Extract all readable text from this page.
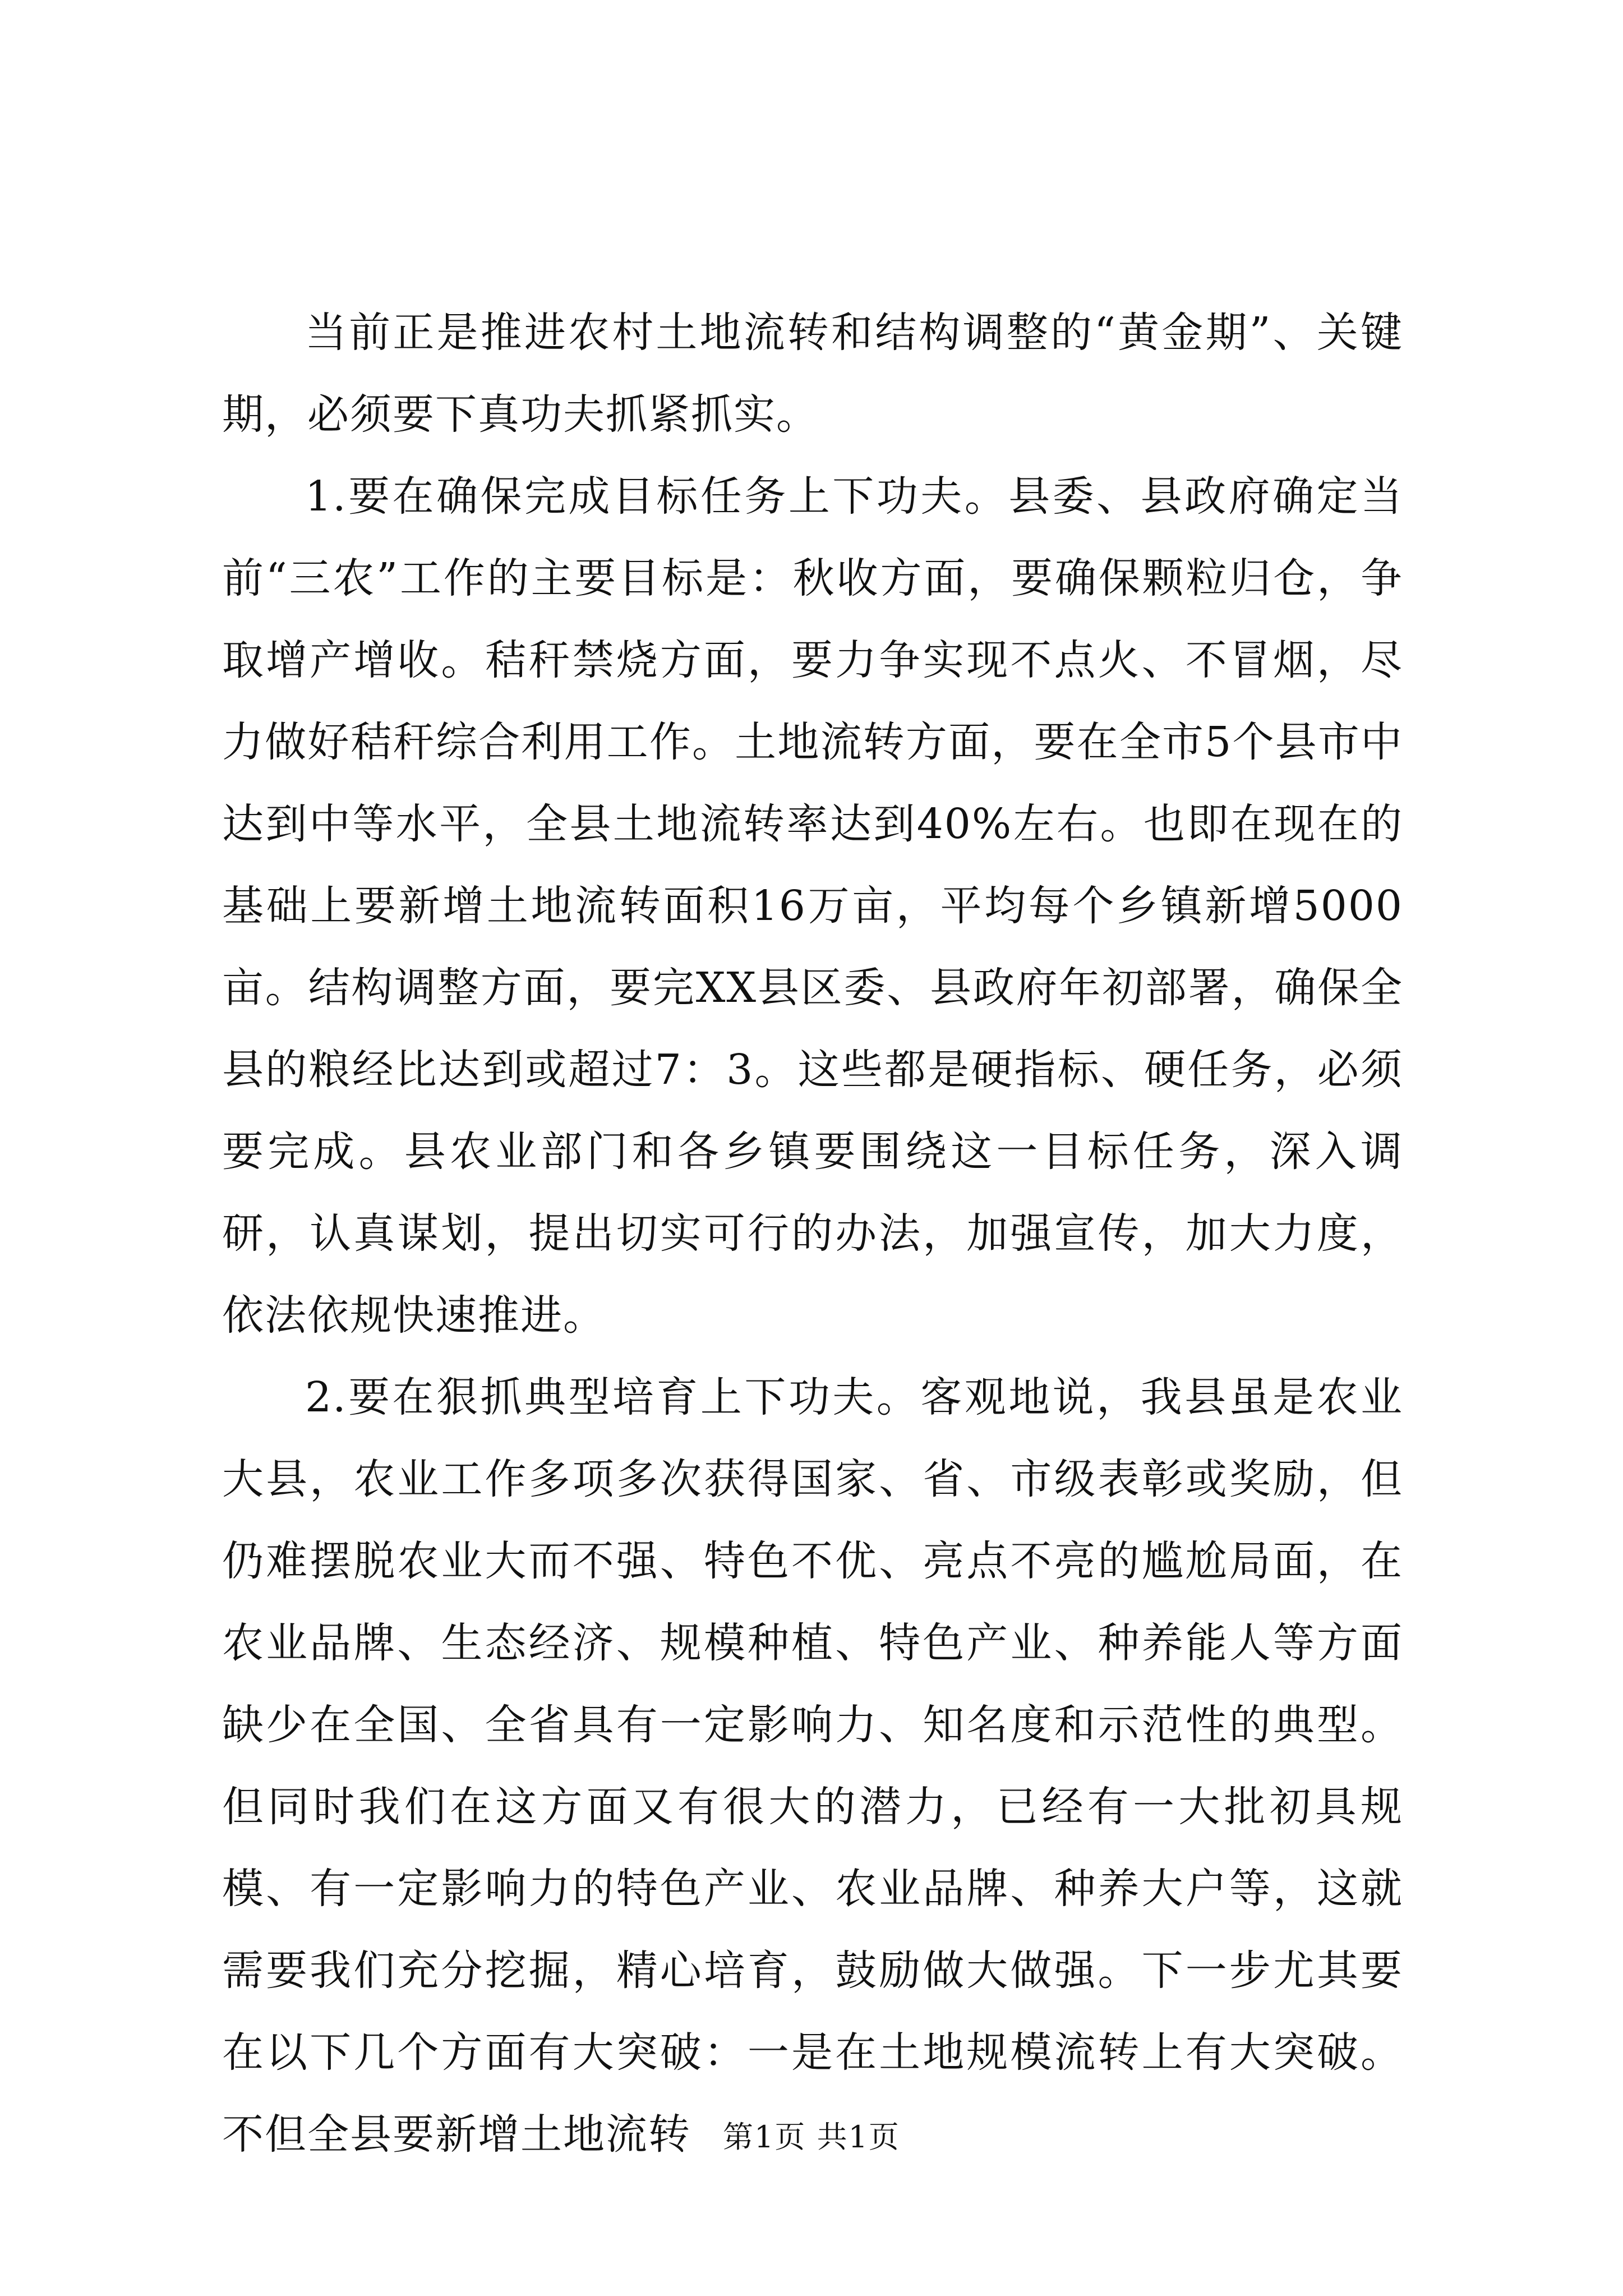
当前正是推进农村土地流转和结构调整的“黄金期”、关键期，必须要下真功夫抓紧抓实。

1.要在确保完成目标任务上下功夫。县委、县政府确定当前“三农”工作的主要目标是：秋收方面，要确保颗粒归仓，争取增产增收。秸秆禁烧方面，要力争实现不点火、不冒烟，尽力做好秸秆综合利用工作。土地流转方面，要在全市5个县市中达到中等水平，全县土地流转率达到40%左右。也即在现在的基础上要新增土地流转面积16万亩，平均每个乡镇新增5000亩。结构调整方面，要完XX县区委、县政府年初部署，确保全县的粮经比达到或超过7：3。这些都是硬指标、硬任务，必须要完成。县农业部门和各乡镇要围绕这一目标任务，深入调研，认真谋划，提出切实可行的办法，加强宣传，加大力度，依法依规快速推进。

2.要在狠抓典型培育上下功夫。客观地说，我县虽是农业大县，农业工作多项多次获得国家、省、市级表彰或奖励，但仍难摆脱农业大而不强、特色不优、亮点不亮的尴尬局面，在农业品牌、生态经济、规模种植、特色产业、种养能人等方面缺少在全国、全省具有一定影响力、知名度和示范性的典型。但同时我们在这方面又有很大的潜力，已经有一大批初具规模、有一定影响力的特色产业、农业品牌、种养大户等，这就需要我们充分挖掘，精心培育，鼓励做大做强。下一步尤其要在以下几个方面有大突破：一是在土地规模流转上有大突破。不但全县要新增土地流转	第1页 共1页
